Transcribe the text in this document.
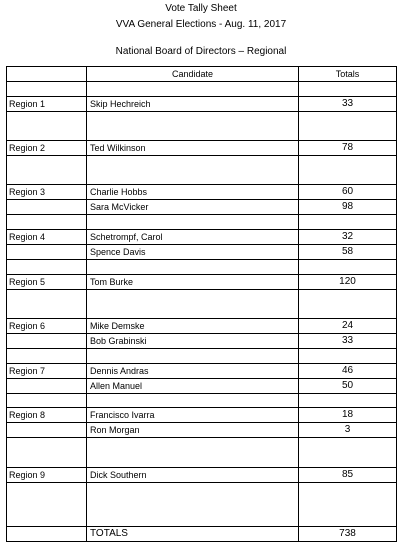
Vote Tally Sheet
VVA General Elections - Aug. 11, 2017
National Board of Directors – Regional
	Candidate	Totals

Region 1	Skip Hechreich	33

Region 2	Ted Wilkinson	78

Region 3	Charlie Hobbs	60
	Sara McVicker	98

Region 4	Schetrompf, Carol	32
	Spence Davis	58

Region 5	Tom Burke	120

Region 6	Mike Demske	24
	Bob Grabinski	33

Region 7	Dennis Andras	46
	Allen Manuel	50

Region 8	Francisco Ivarra	18
	Ron Morgan	3

Region 9	Dick Southern	85

	TOTALS	738
